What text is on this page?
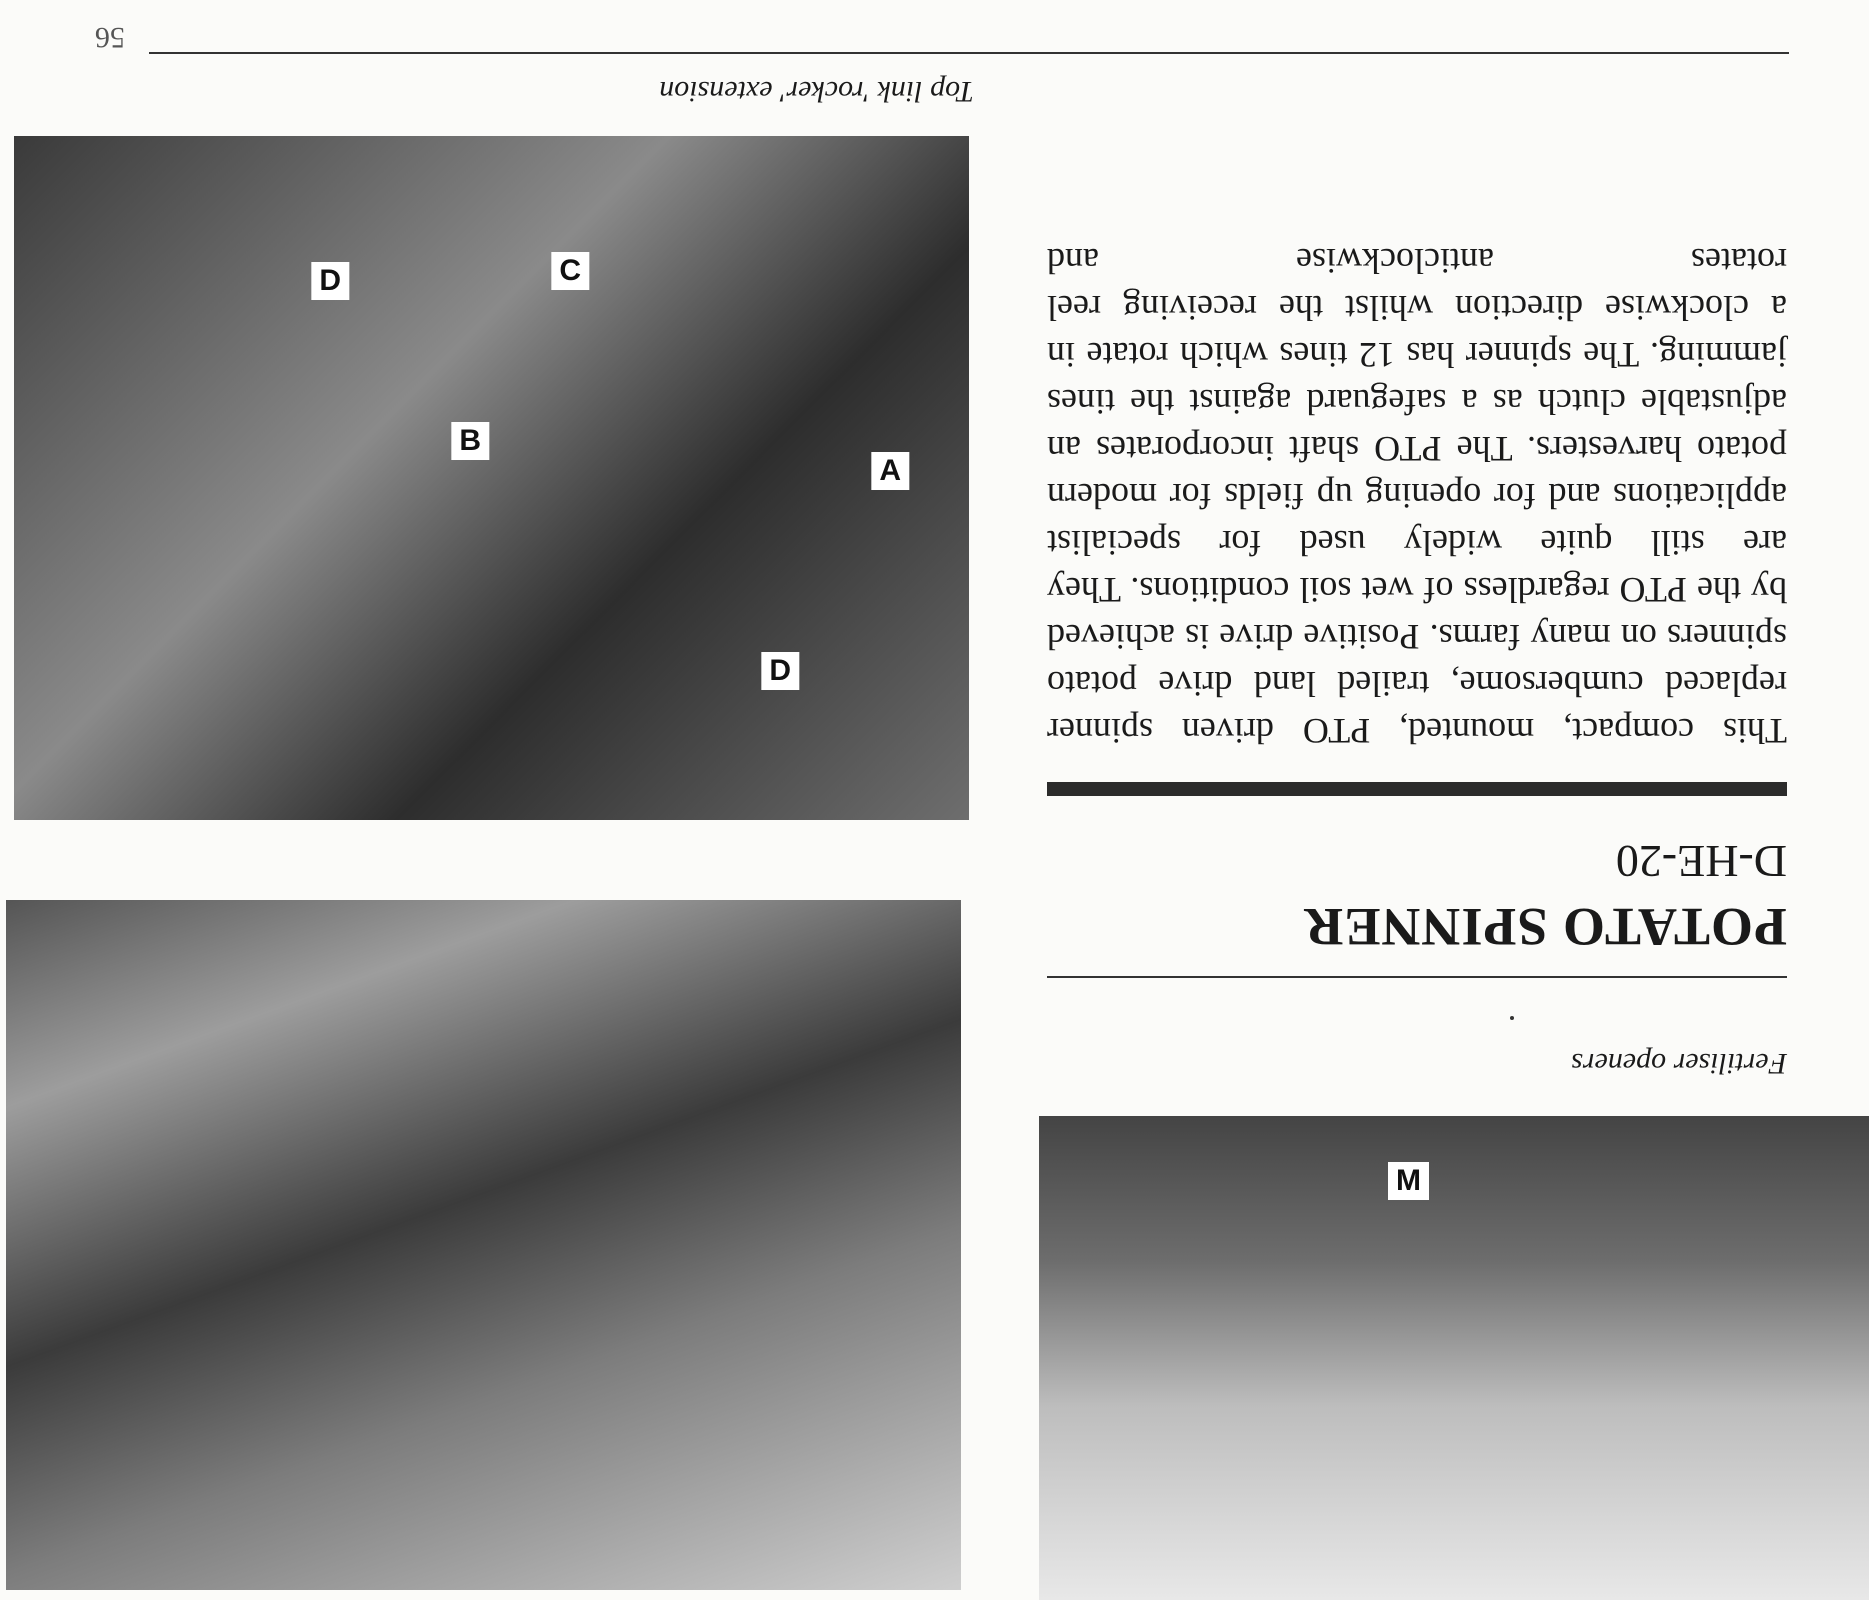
56
Top link 'rocker' extension
A
B
C
D
D

This compact, mounted, PTO driven spinner replaced cumbersome, trailed land drive potato spinners on many farms. Positive drive is achieved by the PTO regardless of wet soil conditions. They are still quite widely used for specialist applications and for opening up fields for modern potato harvesters. The PTO shaft incorporates an adjustable clutch as a safeguard against the tines jamming. The spinner has 12 tines which rotate in a clockwise direction whilst the receiving reel rotates anticlockwise and

D-HE-20
POTATO SPINNER
Fertiliser openers
M
